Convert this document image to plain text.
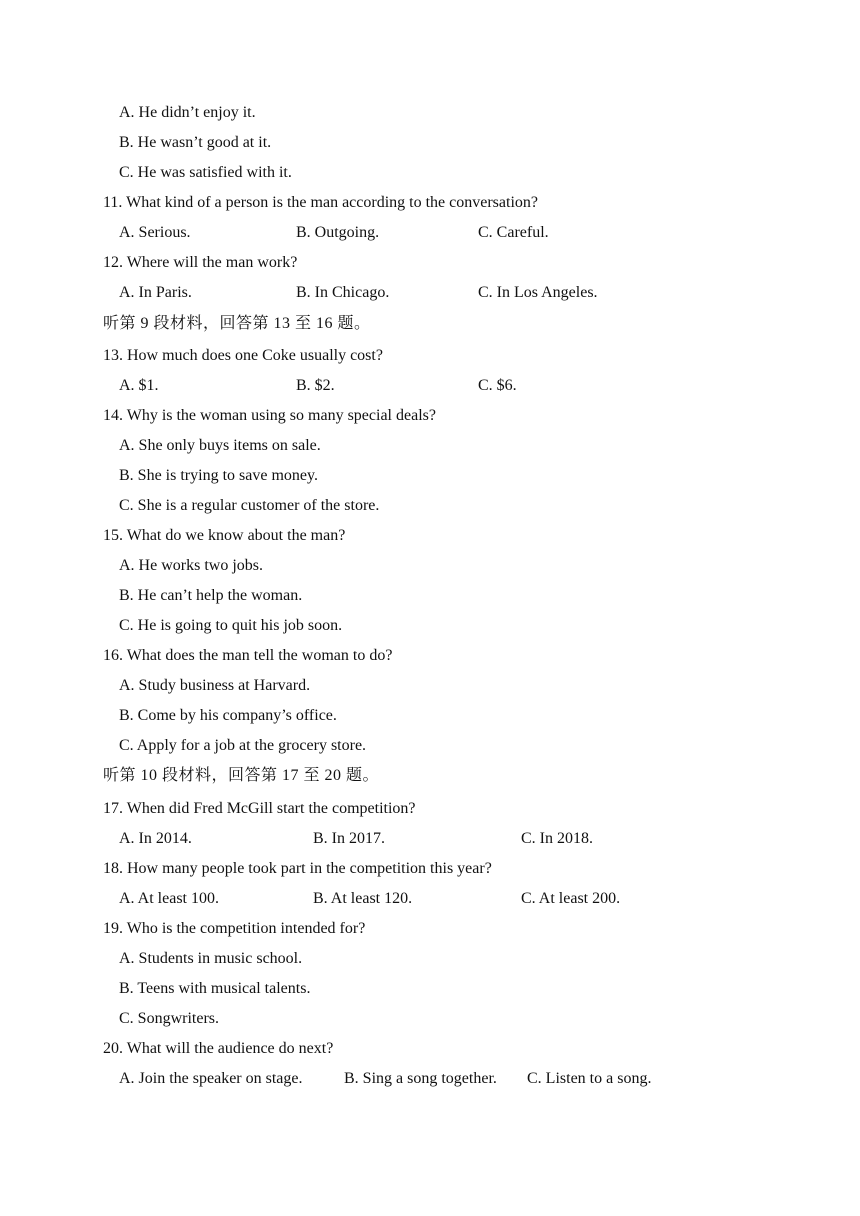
A. He didn’t enjoy it.
B. He wasn’t good at it.
C. He was satisfied with it.
11. What kind of a person is the man according to the conversation?
A. Serious.	B. Outgoing.	C. Careful.
12. Where will the man work?
A. In Paris.	B. In Chicago.	C. In Los Angeles.
听第 9 段材料，回答第 13 至 16 题。
13. How much does one Coke usually cost?
A. $1.	B. $2.	C. $6.
14. Why is the woman using so many special deals?
A. She only buys items on sale.
B. She is trying to save money.
C. She is a regular customer of the store.
15. What do we know about the man?
A. He works two jobs.
B. He can’t help the woman.
C. He is going to quit his job soon.
16. What does the man tell the woman to do?
A. Study business at Harvard.
B. Come by his company’s office.
C. Apply for a job at the grocery store.
听第 10 段材料，回答第 17 至 20 题。
17. When did Fred McGill start the competition?
A. In 2014.	B. In 2017.	C. In 2018.
18. How many people took part in the competition this year?
A. At least 100.	B. At least 120.	C. At least 200.
19. Who is the competition intended for?
A. Students in music school.
B. Teens with musical talents.
C. Songwriters.
20. What will the audience do next?
A. Join the speaker on stage.	B. Sing a song together. C. Listen to a song.
